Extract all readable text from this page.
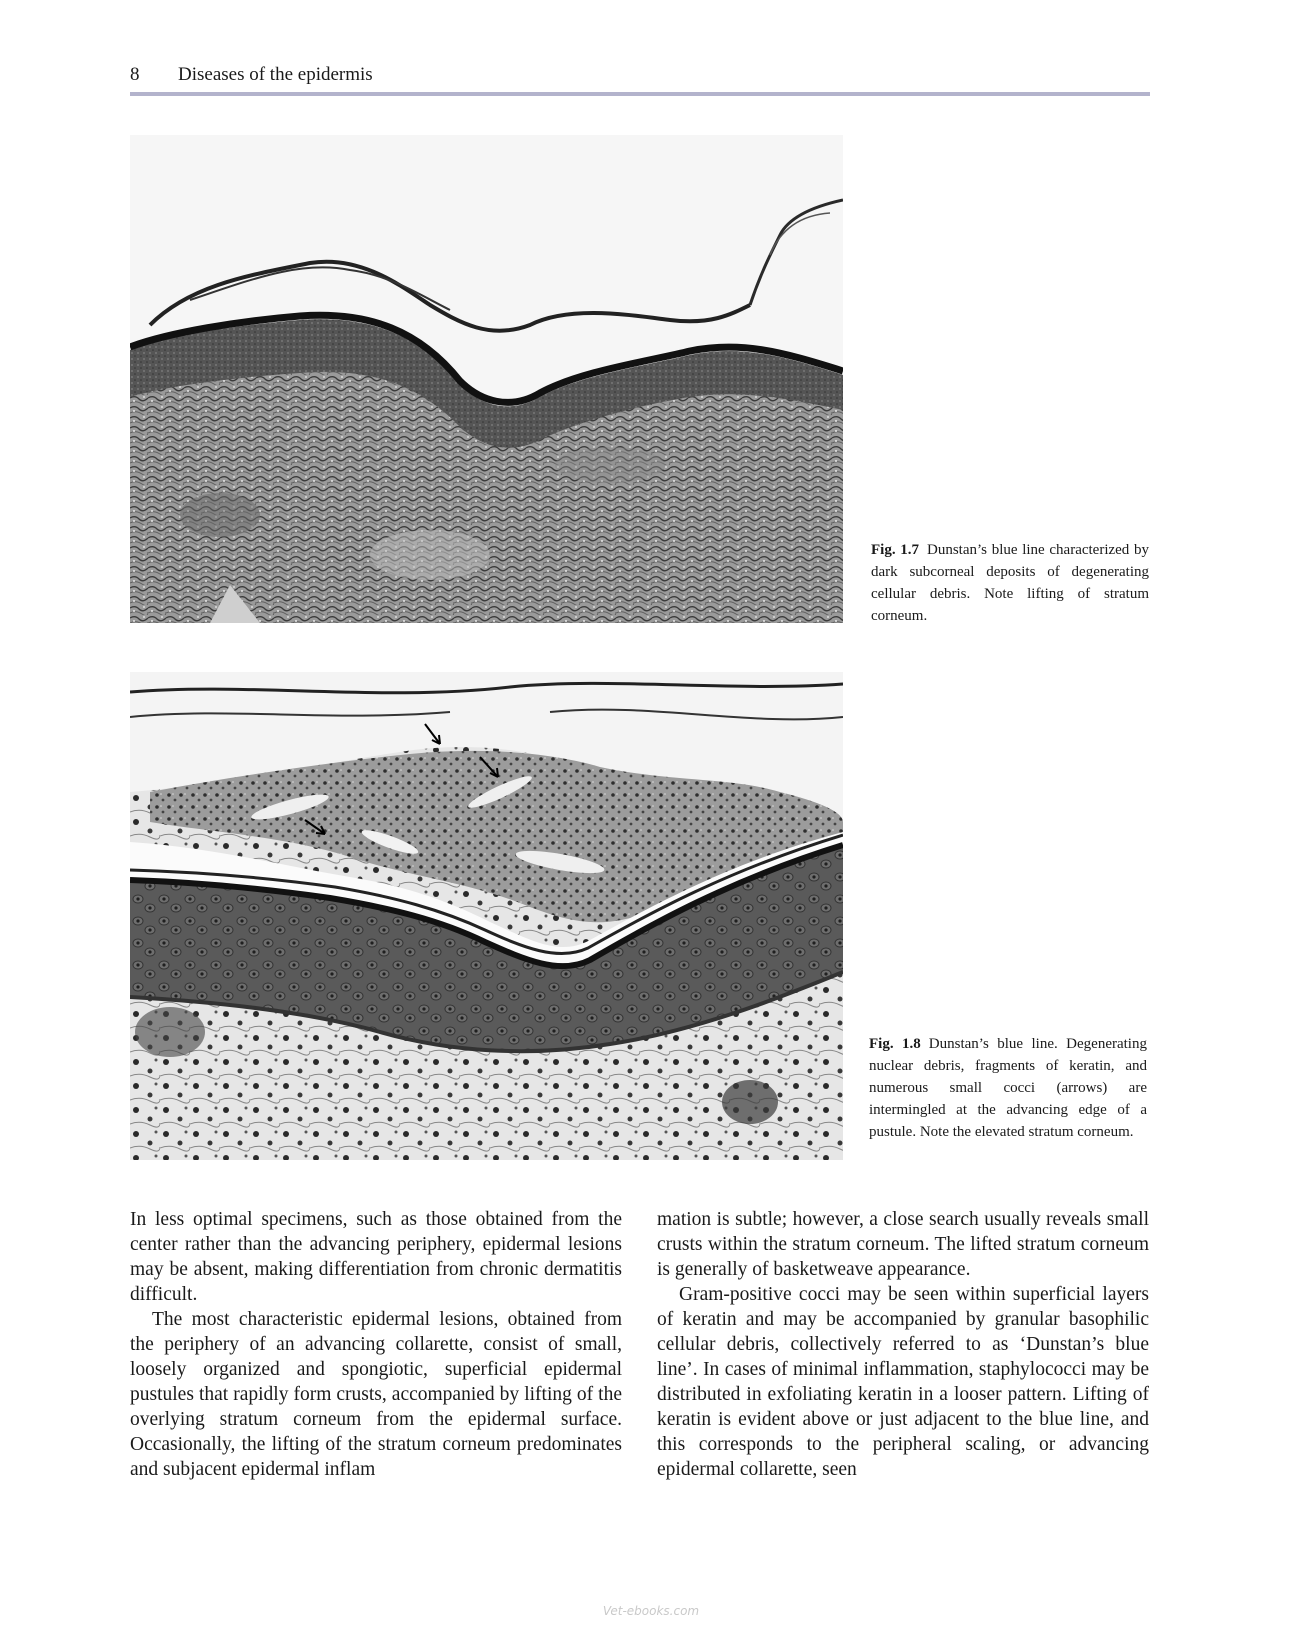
8 Diseases of the epidermis
Fig. 1.7 Dunstan’s blue line characterized by dark subcorneal deposits of degenerating cellular debris. Note lifting of stratum corneum.
Fig. 1.8 Dunstan’s blue line. Degenerating nuclear debris, fragments of keratin, and numerous small cocci (arrows) are intermingled at the advancing edge of a pustule. Note the elevated stratum corneum.

In less optimal specimens, such as those obtained from the center rather than the advancing periphery, epidermal lesions may be absent, making differentiation from chronic dermatitis difficult.

The most characteristic epidermal lesions, obtained from the periphery of an advancing collarette, consist of small, loosely organized and spongiotic, superficial epidermal pustules that rapidly form crusts, accompanied by lifting of the overlying stratum corneum from the epidermal surface. Occasionally, the lifting of the stratum corneum predominates and subjacent epidermal inflam

mation is subtle; however, a close search usually reveals small crusts within the stratum corneum. The lifted stratum corneum is generally of basketweave appearance.

Gram-positive cocci may be seen within superficial layers of keratin and may be accompanied by granular basophilic cellular debris, collectively referred to as ‘Dunstan’s blue line’. In cases of minimal inflammation, staphylococci may be distributed in exfoliating keratin in a looser pattern. Lifting of keratin is evident above or just adjacent to the blue line, and this corresponds to the peripheral scaling, or advancing epidermal collarette, seen

Vet-ebooks.com
